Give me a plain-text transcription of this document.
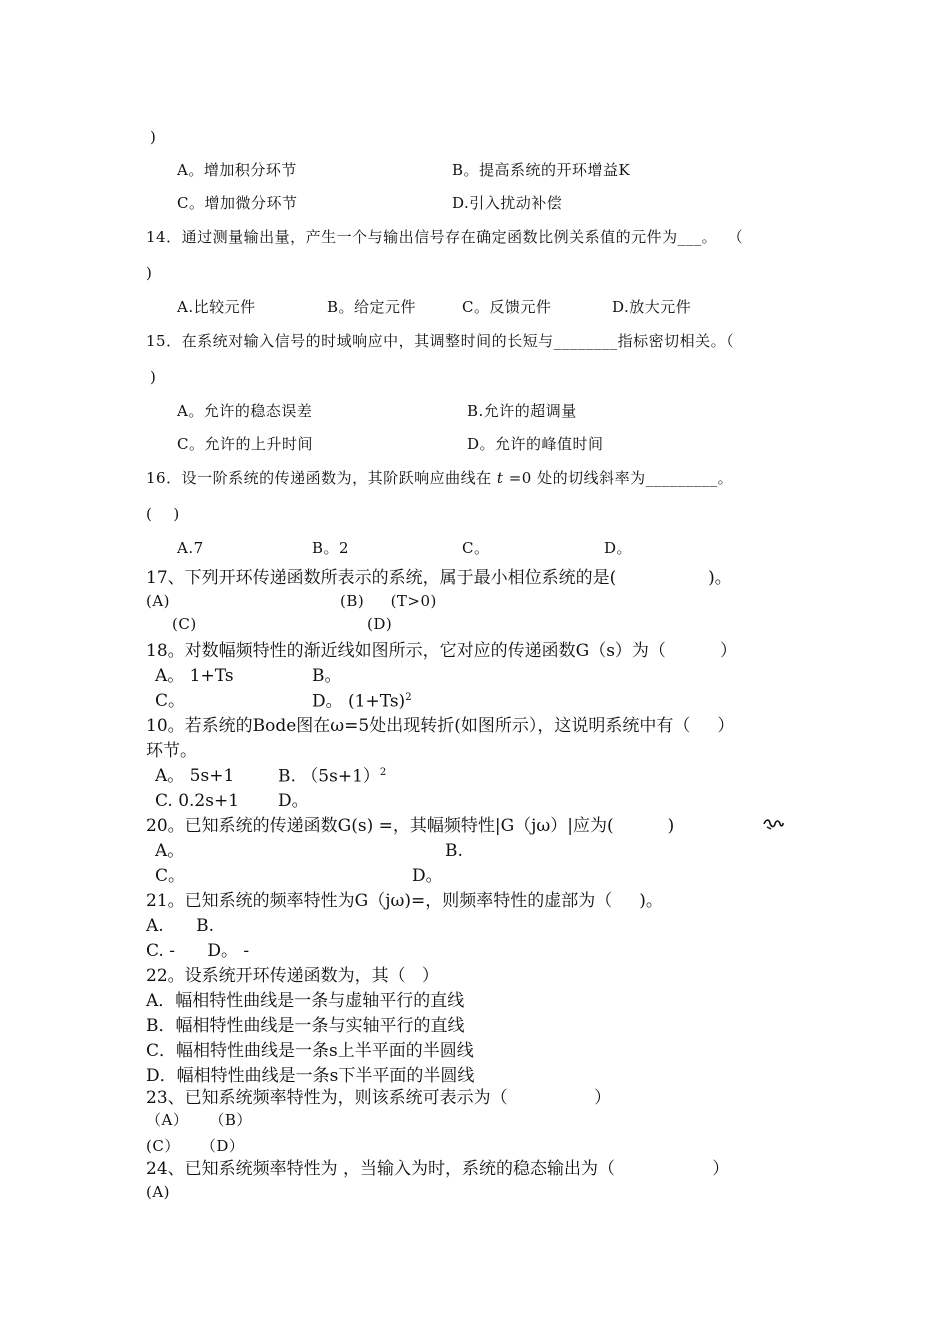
)
A。增加积分环节	B。提高系统的开环增益K
C。增加微分环节	D.引入扰动补偿
14．通过测量输出量，产生一个与输出信号存在确定函数比例关系值的元件为___。  （
)
A.比较元件	B。给定元件	C。反馈元件	D.放大元件
15．在系统对输入信号的时域响应中，其调整时间的长短与________指标密切相关。（
)
A。允许的稳态误差	B.允许的超调量
C。允许的上升时间	D。允许的峰值时间
16．设一阶系统的传递函数为，其阶跃响应曲线在 t =0 处的切线斜率为_________。
(    )
A.7	B。2	C。	D。
17、下列开环传递函数所表示的系统，属于最小相位系统的是(                 )。
(A)	(B)     (T>0)
(C)	(D)
18。对数幅频特性的渐近线如图所示，它对应的传递函数G（s）为（          ）
A。 1+Ts	B。
C。	D。 $(1+Ts)^2$
10。若系统的Bode图在ω=5处出现转折(如图所示），这说明系统中有（     ）
环节。
A。 5s+1	B. $(5s+1)^2$
C. 0.2s+1 D。
20。已知系统的传递函数G(s) =，其幅频特性|G（jω）|应为(          )
A。	B.
C。	D。
21。已知系统的频率特性为G（jω)=，则频率特性的虚部为（     )。
A.      B.
C. -      D。 -
22。设系统开环传递函数为，其（   ）
A．幅相特性曲线是一条与虚轴平行的直线
B．幅相特性曲线是一条与实轴平行的直线
C．幅相特性曲线是一条s上半平面的半圆线
D．幅相特性曲线是一条s下半平面的半圆线
23、已知系统频率特性为，则该系统可表示为（                ）
（A）    （B）
(C）    （D）
24、已知系统频率特性为 ，当输入为时，系统的稳态输出为（                  ）
(A)
